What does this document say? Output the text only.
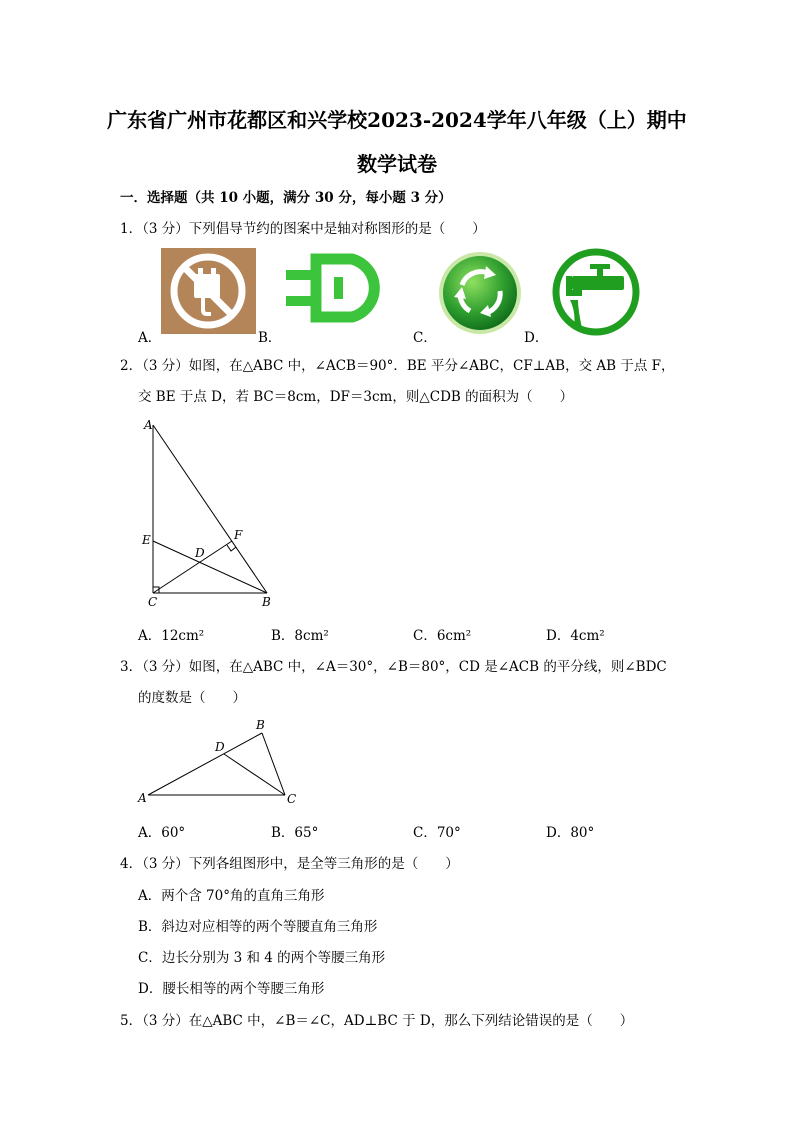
广东省广州市花都区和兴学校2023-2024学年八年级（上）期中
数学试卷
一．选择题（共 10 小题，满分 30 分，每小题 3 分）
1．（3 分）下列倡导节约的图案中是轴对称图形的是（　　）
A．	B．	C．	D．
2．（3 分）如图，在△ABC 中，∠ACB＝90°．BE 平分∠ABC，CF⊥AB，交 AB 于点 F，
交 BE 于点 D，若 BC＝8cm，DF＝3cm，则△CDB 的面积为（　　）
A
E
D
F
C	B
A．12cm²	B．8cm²	C．6cm²	D．4cm²
3．（3 分）如图，在△ABC 中，∠A＝30°，∠B＝80°，CD 是∠ACB 的平分线，则∠BDC
的度数是（　　）
A
B
D
C
A．60°	B．65°	C．70°	D．80°
4．（3 分）下列各组图形中，是全等三角形的是（　　）
A．两个含 70°角的直角三角形
B．斜边对应相等的两个等腰直角三角形
C．边长分别为 3 和 4 的两个等腰三角形
D．腰长相等的两个等腰三角形
5．（3 分）在△ABC 中，∠B＝∠C，AD⊥BC 于 D，那么下列结论错误的是（　　）
